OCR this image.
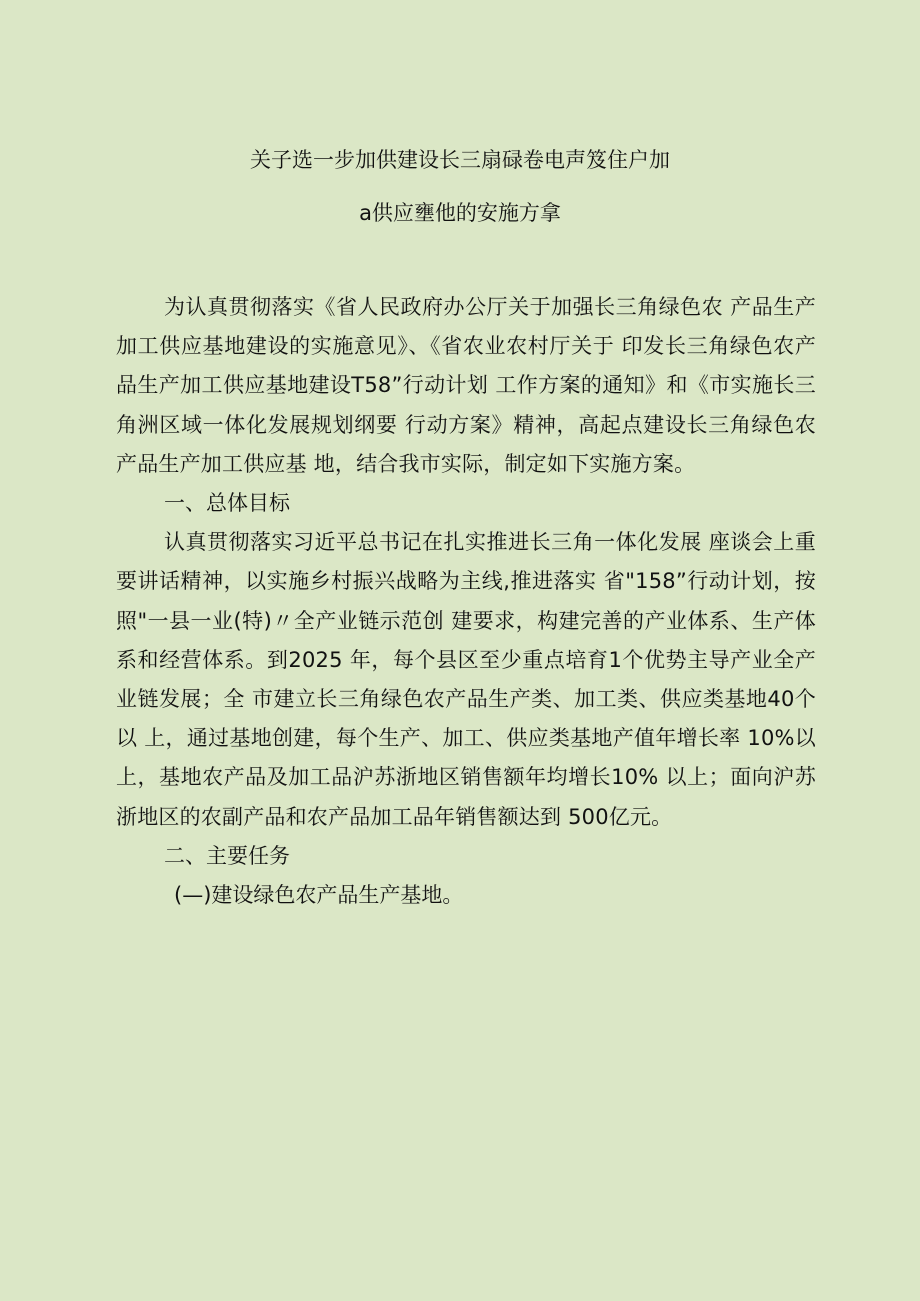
关子选一步加供建设长三扇碌卷电声笈住户加
a供应壅他的安施方拿

为认真贯彻落实《省人民政府办公厅关于加强长三角绿色农 产品生产加工供应基地建设的实施意见》、《省农业农村厅关于 印发长三角绿色农产品生产加工供应基地建设T58”行动计划 工作方案的通知》和《市实施长三角洲区域一体化发展规划纲要 行动方案》精神，高起点建设长三角绿色农产品生产加工供应基 地，结合我市实际，制定如下实施方案。

一、总体目标

认真贯彻落实习近平总书记在扎实推进长三角一体化发展 座谈会上重要讲话精神，以实施乡村振兴战略为主线,推进落实 省"158”行动计划，按照"一县一业(特)〃全产业链示范创 建要求，构建完善的产业体系、生产体系和经营体系。到2025 年，每个县区至少重点培育1个优势主导产业全产业链发展；全 市建立长三角绿色农产品生产类、加工类、供应类基地40个以 上，通过基地创建，每个生产、加工、供应类基地产值年增长率 10%以上，基地农产品及加工品沪苏浙地区销售额年均增长10% 以上；面向沪苏浙地区的农副产品和农产品加工品年销售额达到 500亿元。

二、主要任务

(—)建设绿色农产品生产基地。
